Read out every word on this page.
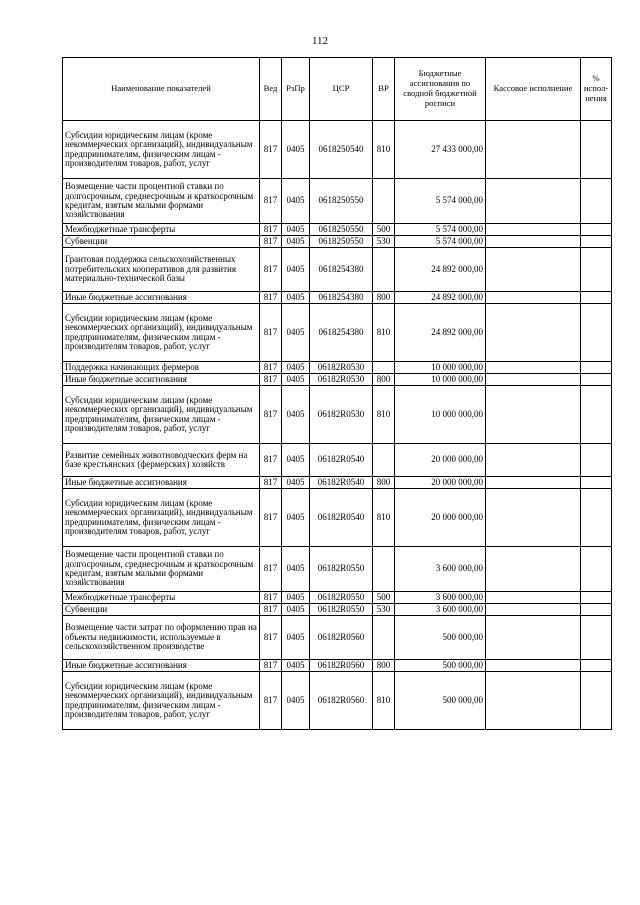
112
Наименование показателей	Вед	РзПр	ЦСР	ВР	Бюджетные ассигнования по сводной бюджетной росписи	Кассовое исполнение	% испол-нения
Субсидии юридическим лицам (кроме некоммерческих организаций), индивидуальным предпринимателям, физическим лицам - производителям товаров, работ, услуг	817	0405	0618250540	810	27 433 000,00		
Возмещение части процентной ставки по долгосрочным, среднесрочным и краткосрочным кредитам, взятым малыми формами хозяйствования	817	0405	0618250550		5 574 000,00		
Межбюджетные трансферты	817	0405	0618250550	500	5 574 000,00		
Субвенции	817	0405	0618250550	530	5 574 000,00		
Грантовая поддержка сельскохозяйственных потребительских кооперативов для развития материально-технической базы	817	0405	0618254380		24 892 000,00		
Иные бюджетные ассигнования	817	0405	0618254380	800	24 892 000,00		
Субсидии юридическим лицам (кроме некоммерческих организаций), индивидуальным предпринимателям, физическим лицам - производителям товаров, работ, услуг	817	0405	0618254380	810	24 892 000,00		
Поддержка начинающих фермеров	817	0405	06182R0530		10 000 000,00		
Иные бюджетные ассигнования	817	0405	06182R0530	800	10 000 000,00		
Субсидии юридическим лицам (кроме некоммерческих организаций), индивидуальным предпринимателям, физическим лицам - производителям товаров, работ, услуг	817	0405	06182R0530	810	10 000 000,00		
Развитие семейных животноводческих ферм на базе крестьянских (фермерских) хозяйств	817	0405	06182R0540		20 000 000,00		
Иные бюджетные ассигнования	817	0405	06182R0540	800	20 000 000,00		
Субсидии юридическим лицам (кроме некоммерческих организаций), индивидуальным предпринимателям, физическим лицам - производителям товаров, работ, услуг	817	0405	06182R0540	810	20 000 000,00		
Возмещение части процентной ставки по долгосрочным, среднесрочным и краткосрочным кредитам, взятым малыми формами хозяйствования	817	0405	06182R0550		3 600 000,00		
Межбюджетные трансферты	817	0405	06182R0550	500	3 600 000,00		
Субвенции	817	0405	06182R0550	530	3 600 000,00		
Возмещение части затрат по оформлению прав на объекты недвижимости, используемые в сельскохозяйственном производстве	817	0405	06182R0560		500 000,00		
Иные бюджетные ассигнования	817	0405	06182R0560	800	500 000,00		
Субсидии юридическим лицам (кроме некоммерческих организаций), индивидуальным предпринимателям, физическим лицам - производителям товаров, работ, услуг	817	0405	06182R0560	810	500 000,00		
